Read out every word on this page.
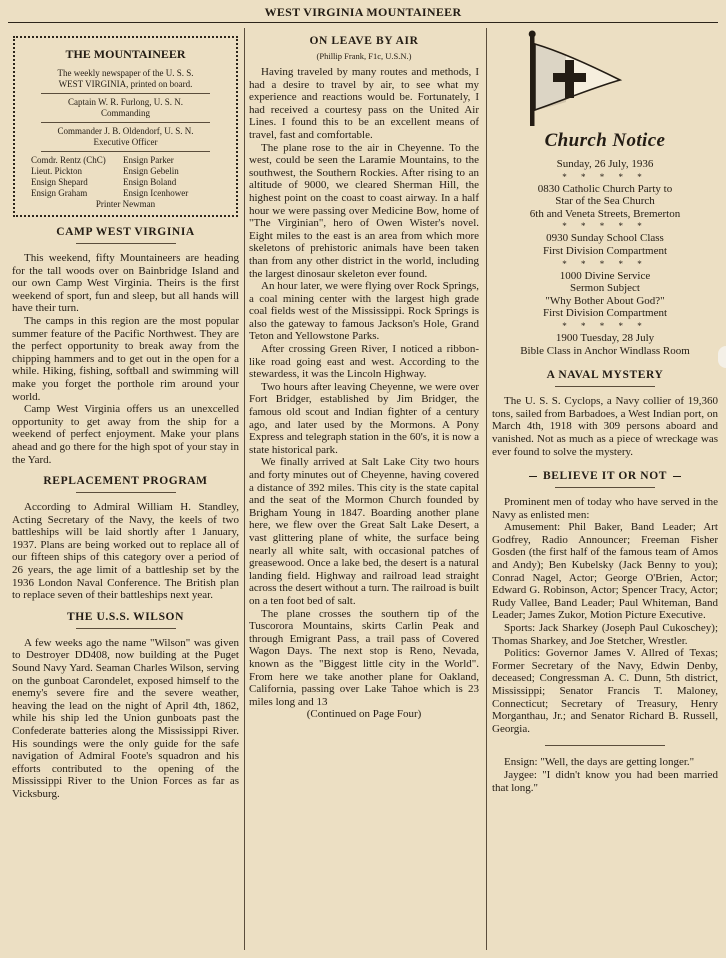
WEST VIRGINIA MOUNTAINEER
THE MOUNTAINEER
The weekly newspaper of the U. S. S.
WEST VIRGINIA, printed on board.
Captain W. R. Furlong, U. S. N.
Commanding
Commander J. B. Oldendorf, U. S. N.
Executive Officer
Comdr. Rentz (ChC)	Ensign Parker
Lieut. Pickton	Ensign Gebelin
Ensign Shepard	Ensign Boland
Ensign Graham	Ensign Icenhower
Printer Newman
CAMP WEST VIRGINIA

This weekend, fifty Mountaineers are heading for the tall woods over on Bainbridge Island and our own Camp West Virginia. Theirs is the first weekend of sport, fun and sleep, but all hands will have their turn.

The camps in this region are the most popular summer feature of the Pacific Northwest. They are the perfect opportunity to break away from the chipping hammers and to get out in the open for a while. Hiking, fishing, softball and swimming will make you forget the porthole rim around your world.

Camp West Virginia offers us an unexcelled opportunity to get away from the ship for a weekend of perfect enjoyment. Make your plans ahead and go there for the high spot of your stay in the Yard.

REPLACEMENT PROGRAM

According to Admiral William H. Standley, Acting Secretary of the Navy, the keels of two battleships will be laid shortly after 1 January, 1937. Plans are being worked out to replace all of our fifteen ships of this category over a period of 26 years, the age limit of a battleship set by the 1936 London Naval Conference. The British plan to replace seven of their battleships next year.

THE U.S.S. WILSON

A few weeks ago the name "Wilson" was given to Destroyer DD408, now building at the Puget Sound Navy Yard. Seaman Charles Wilson, serving on the gunboat Carondelet, exposed himself to the enemy's severe fire and the severe weather, heaving the lead on the night of April 4th, 1862, while his ship led the Union gunboats past the Confederate batteries along the Mississippi River. His soundings were the only guide for the safe navigation of Admiral Foote's squadron and his efforts contributed to the opening of the Mississippi River to the Union Forces as far as Vicksburg.

ON LEAVE BY AIR
(Phillip Frank, F1c, U.S.N.)

Having traveled by many routes and methods, I had a desire to travel by air, to see what my experience and reactions would be. Fortunately, I had received a courtesy pass on the United Air Lines. I found this to be an excellent means of travel, fast and comfortable.

The plane rose to the air in Cheyenne. To the west, could be seen the Laramie Mountains, to the southwest, the Southern Rockies. After rising to an altitude of 9000, we cleared Sherman Hill, the highest point on the coast to coast airway. In a half hour we were passing over Medicine Bow, home of "The Virginian", hero of Owen Wister's novel. Eight miles to the east is an area from which more skeletons of prehistoric animals have been taken than from any other district in the world, including the largest dinosaur skeleton ever found.

An hour later, we were flying over Rock Springs, a coal mining center with the largest high grade coal fields west of the Mississippi. Rock Springs is also the gateway to famous Jackson's Hole, Grand Teton and Yellowstone Parks.

After crossing Green River, I noticed a ribbon-like road going east and west. According to the stewardess, it was the Lincoln Highway.

Two hours after leaving Cheyenne, we were over Fort Bridger, established by Jim Bridger, the famous old scout and Indian fighter of a century ago, and later used by the Mormons. A Pony Express and telegraph station in the 60's, it is now a state historical park.

We finally arrived at Salt Lake City two hours and forty minutes out of Cheyenne, having covered a distance of 392 miles. This city is the state capital and the seat of the Mormon Church founded by Brigham Young in 1847. Boarding another plane here, we flew over the Great Salt Lake Desert, a vast glittering plane of white, the surface being nearly all white salt, with occasional patches of greasewood. Once a lake bed, the desert is a natural landing field. Highway and railroad lead straight across the desert without a turn. The railroad is built on a ten foot bed of salt.

The plane crosses the southern tip of the Tuscorora Mountains, skirts Carlin Peak and through Emigrant Pass, a trail pass of Covered Wagon Days. The next stop is Reno, Nevada, known as the "Biggest little city in the World". From here we take another plane for Oakland, California, passing over Lake Tahoe which is 23 miles long and 13

(Continued on Page Four)

Church Notice
Sunday, 26 July, 1936
* * * * *
0830 Catholic Church Party to
Star of the Sea Church
6th and Veneta Streets, Bremerton
* * * * *
0930 Sunday School Class
First Division Compartment
* * * * *
1000 Divine Service
Sermon Subject
"Why Bother About God?"
First Division Compartment
* * * * *
1900 Tuesday, 28 July
Bible Class in Anchor Windlass Room
A NAVAL MYSTERY

The U. S. S. Cyclops, a Navy collier of 19,360 tons, sailed from Barbadoes, a West Indian port, on March 4th, 1918 with 309 persons aboard and vanished. Not as much as a piece of wreckage was ever found to solve the mystery.

BELIEVE IT OR NOT

Prominent men of today who have served in the Navy as enlisted men:

Amusement: Phil Baker, Band Leader; Art Godfrey, Radio Announcer; Freeman Fisher Gosden (the first half of the famous team of Amos and Andy); Ben Kubelsky (Jack Benny to you); Conrad Nagel, Actor; George O'Brien, Actor; Edward G. Robinson, Actor; Spencer Tracy, Actor; Rudy Vallee, Band Leader; Paul Whiteman, Band Leader; James Zukor, Motion Picture Executive.

Sports: Jack Sharkey (Joseph Paul Cukoschey); Thomas Sharkey, and Joe Stetcher, Wrestler.

Politics: Governor James V. Allred of Texas; Former Secretary of the Navy, Edwin Denby, deceased; Congressman A. C. Dunn, 5th district, Mississippi; Senator Francis T. Maloney, Connecticut; Secretary of Treasury, Henry Morganthau, Jr.; and Senator Richard B. Russell, Georgia.

Ensign: "Well, the days are getting longer."

Jaygee: "I didn't know you had been married that long."
